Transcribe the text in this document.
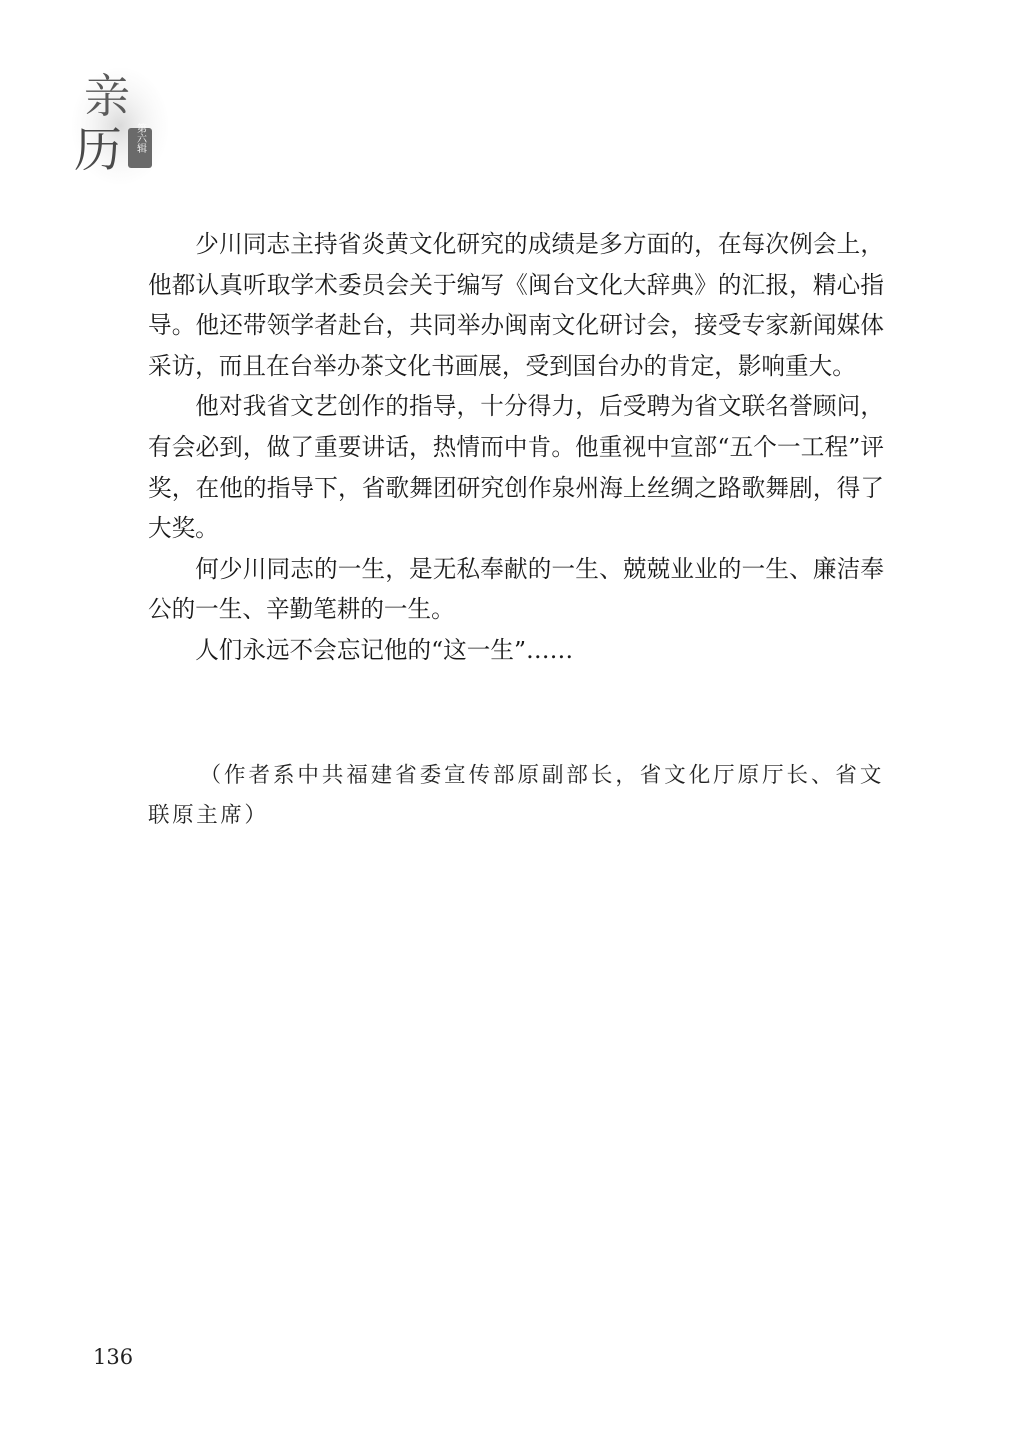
亲
历 第六辑

少川同志主持省炎黄文化研究的成绩是多方面的，在每次例会上，他都认真听取学术委员会关于编写《闽台文化大辞典》的汇报，精心指导。他还带领学者赴台，共同举办闽南文化研讨会，接受专家新闻媒体采访，而且在台举办茶文化书画展，受到国台办的肯定，影响重大。

他对我省文艺创作的指导，十分得力，后受聘为省文联名誉顾问，有会必到，做了重要讲话，热情而中肯。他重视中宣部“五个一工程”评奖，在他的指导下，省歌舞团研究创作泉州海上丝绸之路歌舞剧，得了大奖。

何少川同志的一生，是无私奉献的一生、兢兢业业的一生、廉洁奉公的一生、辛勤笔耕的一生。

人们永远不会忘记他的“这一生”……

（作者系中共福建省委宣传部原副部长，省文化厅原厅长、省文联原主席）
136
